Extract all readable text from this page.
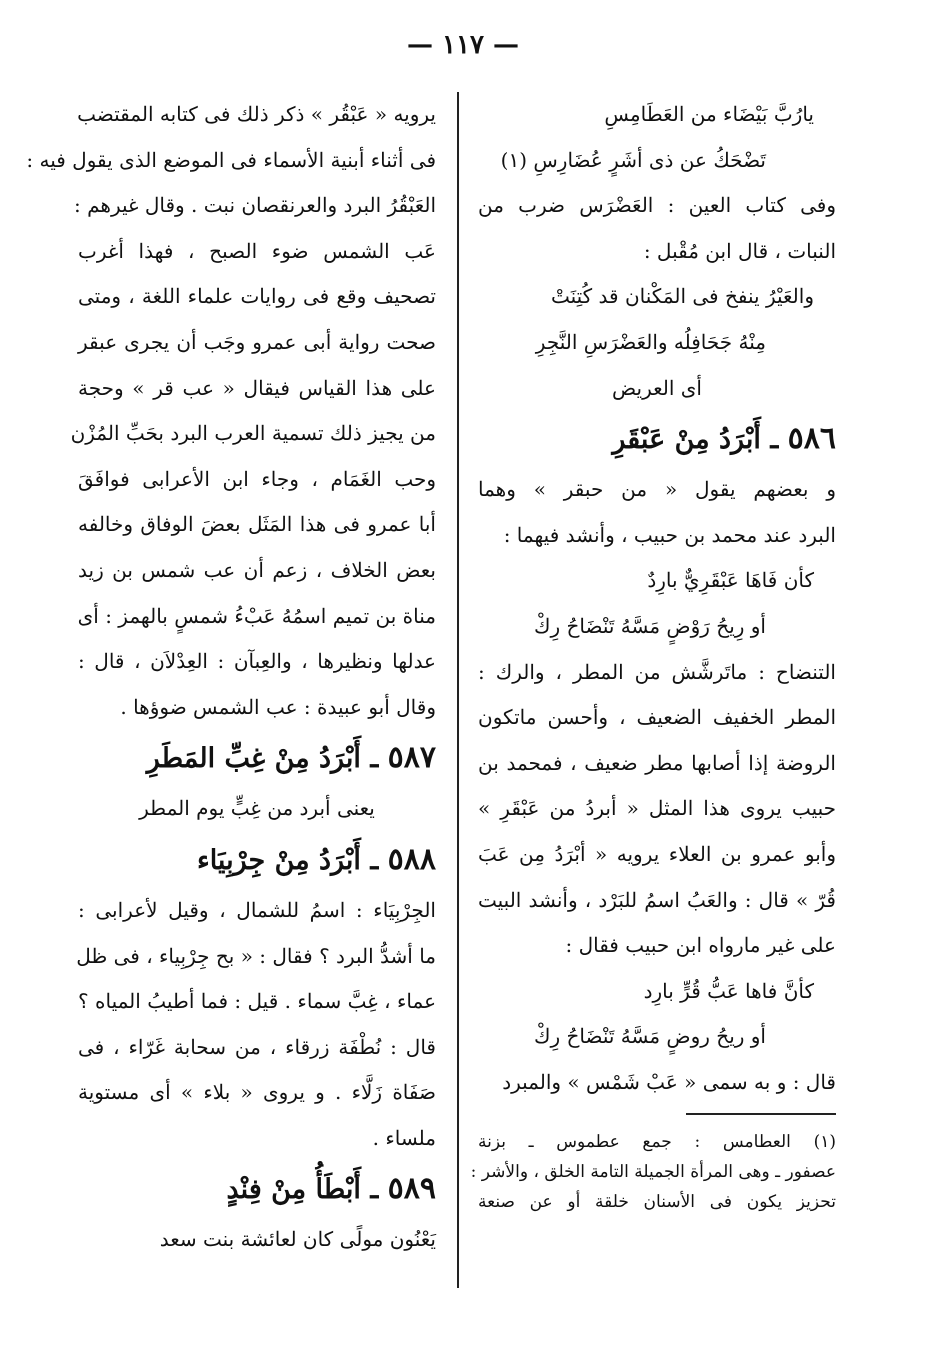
— ١١٧ —
يارُبَّ بَيْضَاء من العَطَامِسِ
تَضْحَكُ عن ذى أشَرٍ عُضَارِسِ (١)
وفى كتاب العين : العَضْرَس ضرب من
النبات ، قال ابن مُقْبل :
والعَيْرُ ينفخ فى المَكْنان قد كُتِنَتْ
مِنْهُ جَحَافِلُه والعَضْرَسِ النَّجِرِ
أى العريض
٥٨٦ ـ أَبْرَدُ مِنْ عَبْقَرِ
و بعضهم يقول « من حبقر » وهما
البرد عند محمد بن حبيب ، وأنشد فيهما :
كأن فَاهَا عَبْقَرِيٌّ بارِدٌ
أو رِيحُ رَوْضٍ مَسَّهُ تَنْضَاحُ رِكْ
التنضاح : ماتَرشَّش من المطر ، والرك :
المطر الخفيف الضعيف ، وأحسن ماتكون
الروضة إذا أصابها مطر ضعيف ، فمحمد بن
حبيب يروى هذا المثل « أبردُ من عَبْقَرِ »
وأبو عمرو بن العلاء يرويه « أبْرَدُ مِن عَبَ
قُرّ » قال : والعَبُ اسمُ للبَرْد ، وأنشد البيت
على غير مارواه ابن حبيب فقال :
كأنَّ فاها عَبُّ قُرٍّ بارِد
أو ريحُ روضٍ مَسَّهُ تَنْضَاحُ رِكْ
قال : و به سمى « عَبْ شَمْس » والمبرد
(١) العطامس : جمع عطموس ـ بزنة
عصفور ـ وهى المرأة الجميلة التامة الخلق ، والأشر :
تحزيز يكون فى الأسنان خلقة أو عن صنعة
يرويه « عَبْقُر » ذكر ذلك فى كتابه المقتضب
فى أثناء أبنية الأسماء فى الموضع الذى يقول فيه :
العَبْقُرُ البرد والعرنقصان نبت . وقال غيرهم :
عَب الشمس ضوء الصبح ، فهذا أغرب
تصحيف وقع فى روايات علماء اللغة ، ومتى
صحت رواية أبى عمرو وجَب أن يجرى عبقر
على هذا القياس فيقال « عب قر » وحجة
من يجيز ذلك تسمية العرب البرد بحَبِّ المُزْن
وحب الغَمَام ، وجاء ابن الأعرابى فوافَقَ
أبا عمرو فى هذا المَثَل بعضَ الوفاق وخالفه
بعض الخلاف ، زعم أن عب شمس بن زيد
مناة بن تميم اسمُهُ عَبْءُ شمسٍ بالهمز : أى
عدلها ونظيرها ، والعِبآن : العِدْلاَن ، قال :
وقال أبو عبيدة : عب الشمس ضوؤها .
٥٨٧ ـ أَبْرَدُ مِنْ غِبِّ المَطَرِ
يعنى أبرد من غِبٍّ يوم المطر
٥٨٨ ـ أَبْرَدُ مِنْ جِرْبِيَاء
الجِرْبِيَاء : اسمُ للشمال ، وقيل لأعرابى :
ما أشدُّ البرد ؟ فقال : « بح جِرْبِياء ، فى ظل
عماء ، غِبَّ سماء . قيل : فما أطيبُ المياه ؟
قال : نُطْفَة زرقاء ، من سحابة غَرّاء ، فى
صَفَاة زَلَّاء . و يروى « بلاء » أى مستوية
ملساء .
٥٨٩ ـ أَبْطَأُ مِنْ فِنْدٍ
يَعْنُون مولًى كان لعائشة بنت سعد
